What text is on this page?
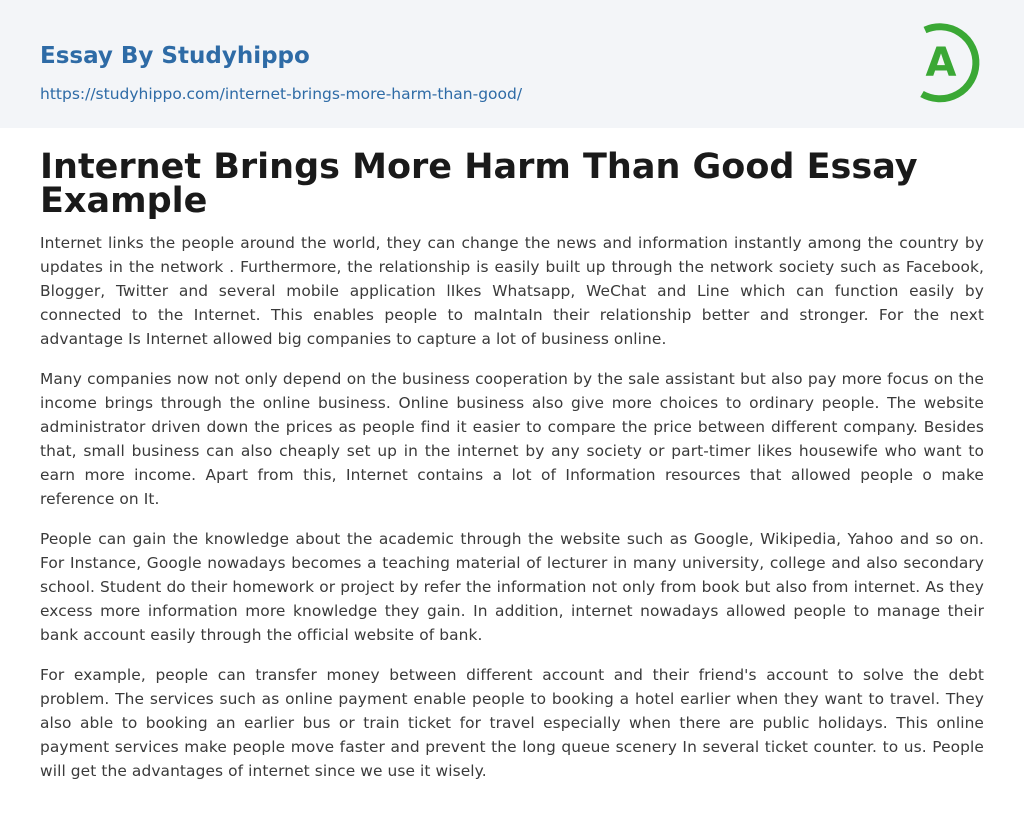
Essay By Studyhippo
https://studyhippo.com/internet-brings-more-harm-than-good/
A
Internet Brings More Harm Than Good Essay Example

Internet links the people around the world, they can change the news and information instantly among the country by updates in the network . Furthermore, the relationship is easily built up through the network society such as Facebook, Blogger, Twitter and several mobile application lIkes Whatsapp, WeChat and Line which can function easily by connected to the Internet. This enables people to maIntaIn their relationship better and stronger. For the next advantage Is Internet allowed big companies to capture a lot of business online.

Many companies now not only depend on the business cooperation by the sale assistant but also pay more focus on the income brings through the online business. Online business also give more choices to ordinary people. The website administrator driven down the prices as people find it easier to compare the price between different company. Besides that, small business can also cheaply set up in the internet by any society or part-timer likes housewife who want to earn more income. Apart from this, Internet contains a lot of Information resources that allowed people o make reference on It.

People can gain the knowledge about the academic through the website such as Google, Wikipedia, Yahoo and so on. For Instance, Google nowadays becomes a teaching material of lecturer in many university, college and also secondary school. Student do their homework or project by refer the information not only from book but also from internet. As they excess more information more knowledge they gain. In addition, internet nowadays allowed people to manage their bank account easily through the official website of bank.

For example, people can transfer money between different account and their friend's account to solve the debt problem. The services such as online payment enable people to booking a hotel earlier when they want to travel. They also able to booking an earlier bus or train ticket for travel especially when there are public holidays. This online payment services make people move faster and prevent the long queue scenery In several ticket counter. to us. People will get the advantages of internet since we use it wisely.
